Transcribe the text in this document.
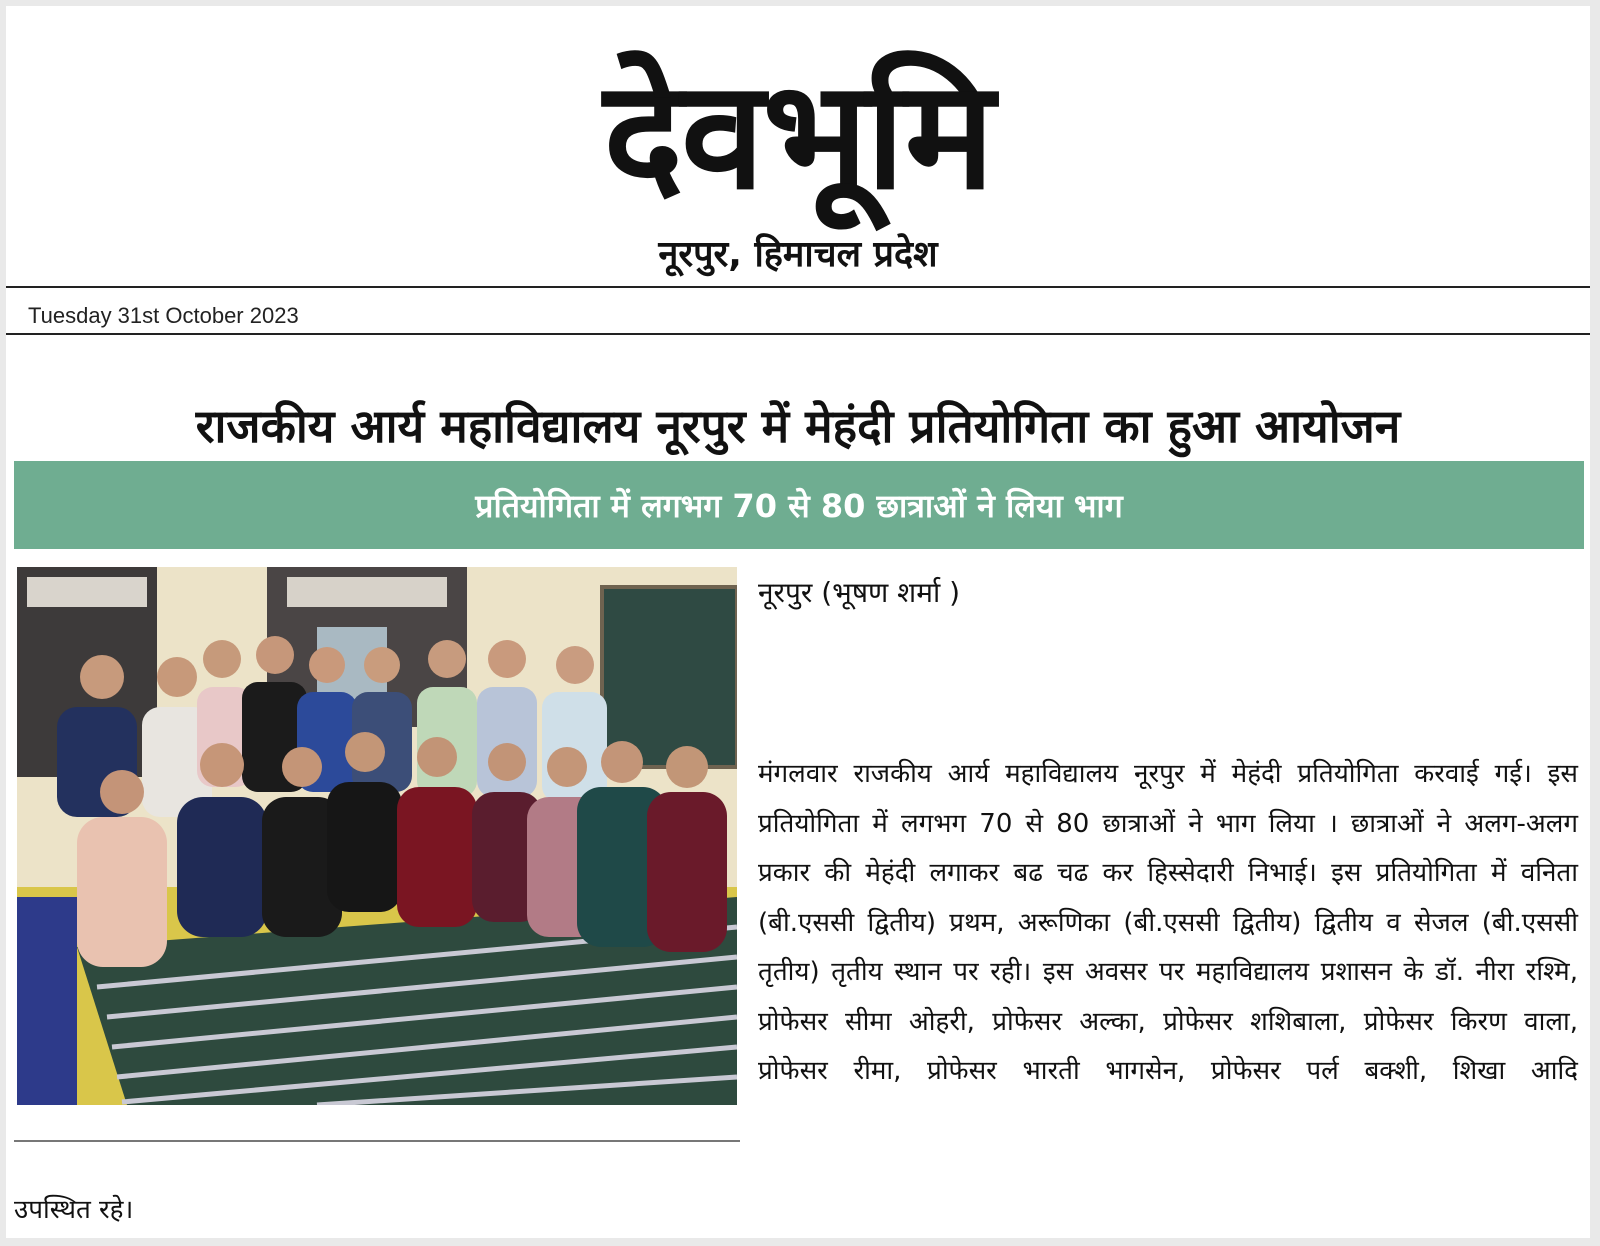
देवभूमि
नूरपुर, हिमाचल प्रदेश
Tuesday 31st October 2023
राजकीय आर्य महाविद्यालय नूरपुर में मेहंदी प्रतियोगिता का हुआ आयोजन
प्रतियोगिता में लगभग 70 से 80 छात्राओं ने लिया भाग
नूरपुर (भूषण शर्मा )
मंगलवार राजकीय आर्य महाविद्यालय नूरपुर में मेहंदी प्रतियोगिता करवाई गई। इस प्रतियोगिता में लगभग 70 से 80 छात्राओं ने भाग लिया । छात्राओं ने अलग-अलग प्रकार की मेहंदी लगाकर बढ चढ कर हिस्सेदारी निभाई। इस प्रतियोगिता में वनिता (बी.एससी द्वितीय) प्रथम, अरूणिका (बी.एससी द्वितीय) द्वितीय व सेजल (बी.एससी तृतीय) तृतीय स्थान पर रही। इस अवसर पर महाविद्यालय प्रशासन के डॉ. नीरा रश्मि, प्रोफेसर सीमा ओहरी, प्रोफेसर अल्का, प्रोफेसर शशिबाला, प्रोफेसर किरण वाला, प्रोफेसर रीमा, प्रोफेसर भारती भागसेन, प्रोफेसर पर्ल बक्शी, शिखा आदि
उपस्थित रहे।
